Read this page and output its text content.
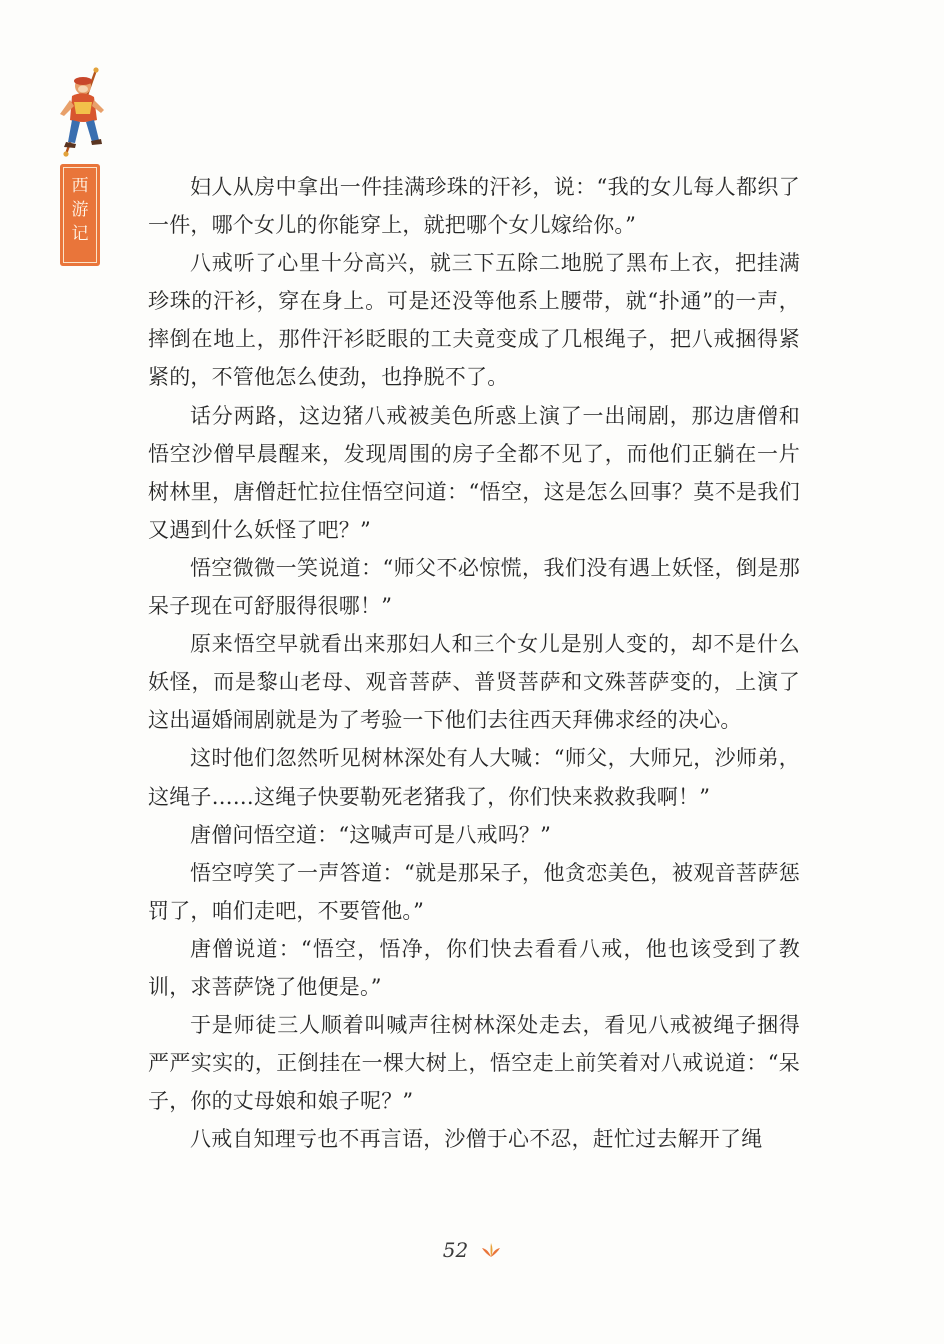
西
游
记

妇人从房中拿出一件挂满珍珠的汗衫，说：“我的女儿每人都织了一件，哪个女儿的你能穿上，就把哪个女儿嫁给你。”

八戒听了心里十分高兴，就三下五除二地脱了黑布上衣，把挂满珍珠的汗衫，穿在身上。可是还没等他系上腰带，就“扑通”的一声，摔倒在地上，那件汗衫眨眼的工夫竟变成了几根绳子，把八戒捆得紧紧的，不管他怎么使劲，也挣脱不了。

话分两路，这边猪八戒被美色所惑上演了一出闹剧，那边唐僧和悟空沙僧早晨醒来，发现周围的房子全都不见了，而他们正躺在一片树林里，唐僧赶忙拉住悟空问道：“悟空，这是怎么回事？莫不是我们又遇到什么妖怪了吧？”

悟空微微一笑说道：“师父不必惊慌，我们没有遇上妖怪，倒是那呆子现在可舒服得很哪！”

原来悟空早就看出来那妇人和三个女儿是别人变的，却不是什么妖怪，而是黎山老母、观音菩萨、普贤菩萨和文殊菩萨变的，上演了这出逼婚闹剧就是为了考验一下他们去往西天拜佛求经的决心。

这时他们忽然听见树林深处有人大喊：“师父，大师兄，沙师弟，这绳子……这绳子快要勒死老猪我了，你们快来救救我啊！”

唐僧问悟空道：“这喊声可是八戒吗？”

悟空哼笑了一声答道：“就是那呆子，他贪恋美色，被观音菩萨惩罚了，咱们走吧，不要管他。”

唐僧说道：“悟空，悟净，你们快去看看八戒，他也该受到了教训，求菩萨饶了他便是。”

于是师徒三人顺着叫喊声往树林深处走去，看见八戒被绳子捆得严严实实的，正倒挂在一棵大树上，悟空走上前笑着对八戒说道：“呆子，你的丈母娘和娘子呢？”

八戒自知理亏也不再言语，沙僧于心不忍，赶忙过去解开了绳

52
